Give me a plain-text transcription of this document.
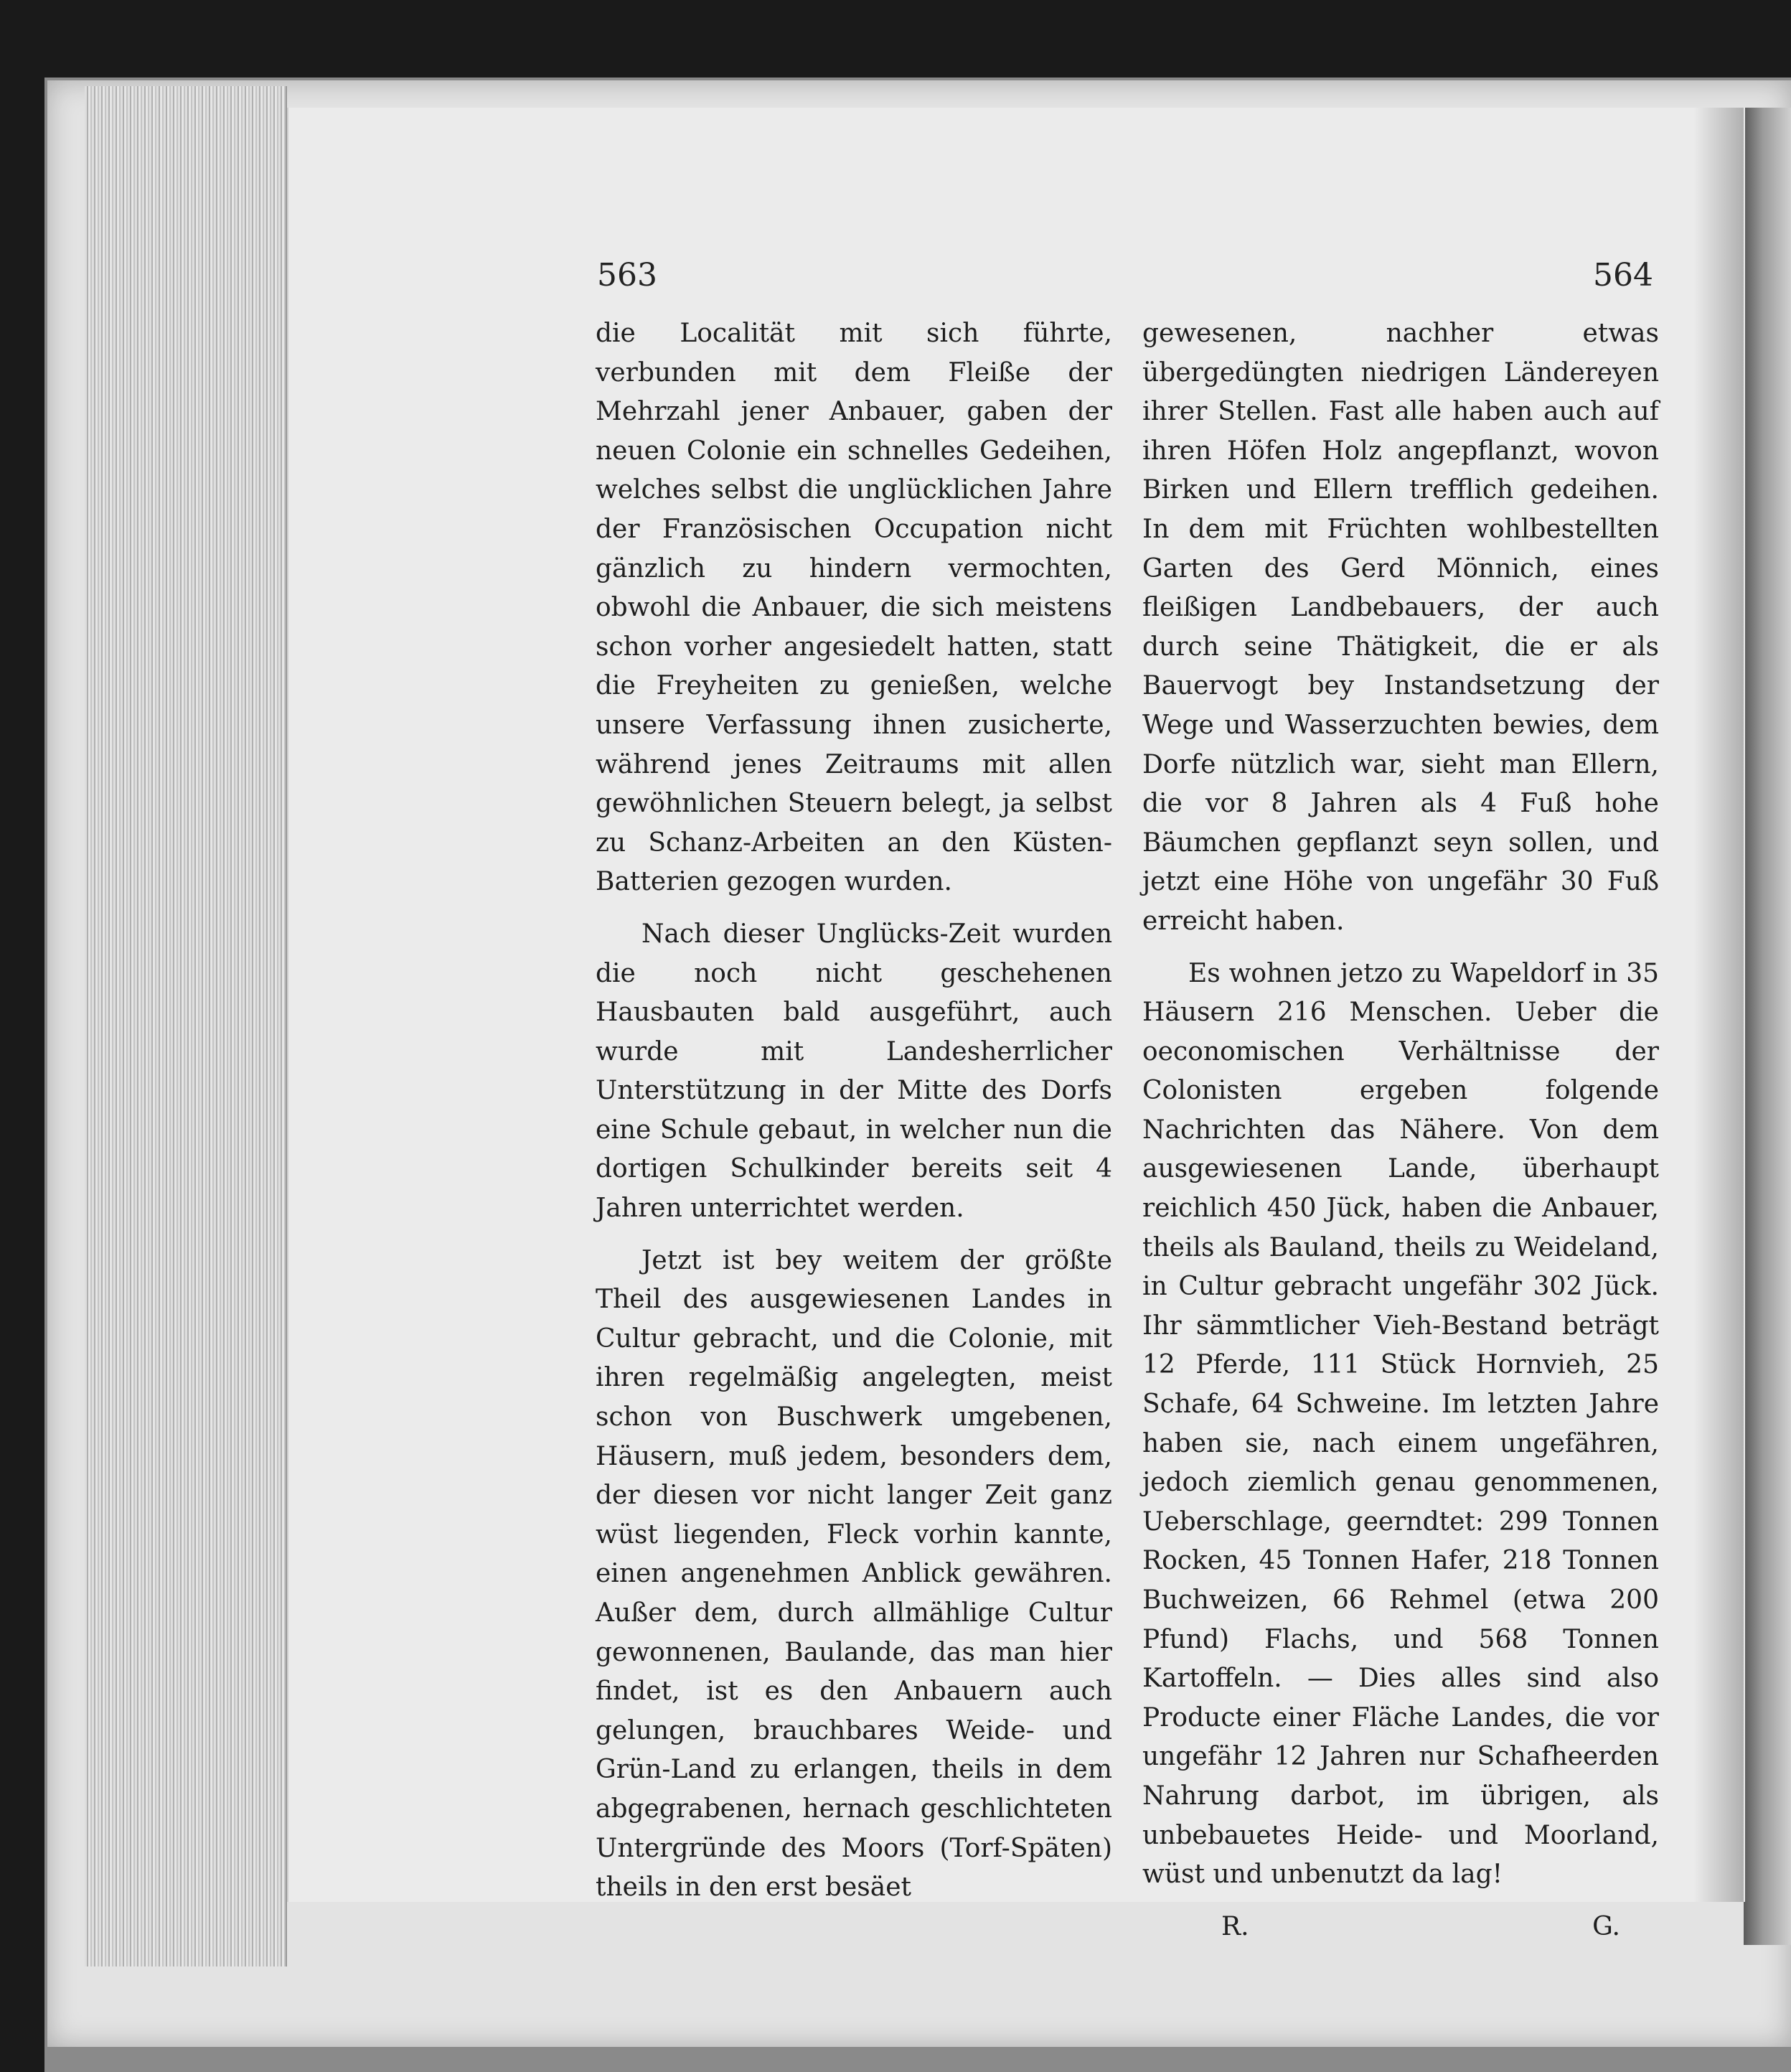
563	564

die Localität mit sich führte, verbunden mit dem Fleiße der Mehrzahl jener Anbauer, gaben der neuen Colonie ein schnelles Gedeihen, welches selbst die unglücklichen Jahre der Französischen Occupation nicht gänzlich zu hindern vermochten, obwohl die Anbauer, die sich meistens schon vorher angesiedelt hatten, statt die Freyheiten zu genießen, welche unsere Verfassung ihnen zusicherte, während jenes Zeitraums mit allen gewöhnlichen Steuern belegt, ja selbst zu Schanz-Arbeiten an den Küsten-Batterien gezogen wurden.

Nach dieser Unglücks-Zeit wurden die noch nicht geschehenen Hausbauten bald ausgeführt, auch wurde mit Landesherrlicher Unterstützung in der Mitte des Dorfs eine Schule gebaut, in welcher nun die dortigen Schulkinder bereits seit 4 Jahren unterrichtet werden.

Jetzt ist bey weitem der größte Theil des ausgewiesenen Landes in Cultur gebracht, und die Colonie, mit ihren regelmäßig angelegten, meist schon von Buschwerk umgebenen, Häusern, muß jedem, besonders dem, der diesen vor nicht langer Zeit ganz wüst liegenden, Fleck vorhin kannte, einen angenehmen Anblick gewähren. Außer dem, durch allmählige Cultur gewonnenen, Baulande, das man hier findet, ist es den Anbauern auch gelungen, brauchbares Weide- und Grün-Land zu erlangen, theils in dem abgegrabenen, hernach geschlichteten Untergründe des Moors (Torf-Späten) theils in den erst besäet

gewesenen, nachher etwas übergedüngten niedrigen Ländereyen ihrer Stellen. Fast alle haben auch auf ihren Höfen Holz angepflanzt, wovon Birken und Ellern trefflich gedeihen. In dem mit Früchten wohlbestellten Garten des Gerd Mönnich, eines fleißigen Landbebauers, der auch durch seine Thätigkeit, die er als Bauervogt bey Instandsetzung der Wege und Wasserzuchten bewies, dem Dorfe nützlich war, sieht man Ellern, die vor 8 Jahren als 4 Fuß hohe Bäumchen gepflanzt seyn sollen, und jetzt eine Höhe von ungefähr 30 Fuß erreicht haben.

Es wohnen jetzo zu Wapeldorf in 35 Häusern 216 Menschen. Ueber die oeconomischen Verhältnisse der Colonisten ergeben folgende Nachrichten das Nähere. Von dem ausgewiesenen Lande, überhaupt reichlich 450 Jück, haben die Anbauer, theils als Bauland, theils zu Weideland, in Cultur gebracht ungefähr 302 Jück. Ihr sämmtlicher Vieh-Bestand beträgt 12 Pferde, 111 Stück Hornvieh, 25 Schafe, 64 Schweine. Im letzten Jahre haben sie, nach einem ungefähren, jedoch ziemlich genau genommenen, Ueberschlage, geerndtet: 299 Tonnen Rocken, 45 Tonnen Hafer, 218 Tonnen Buchweizen, 66 Rehmel (etwa 200 Pfund) Flachs, und 568 Tonnen Kartoffeln. — Dies alles sind also Producte einer Fläche Landes, die vor ungefähr 12 Jahren nur Schafheerden Nahrung darbot, im übrigen, als unbebauetes Heide- und Moorland, wüst und unbenutzt da lag!

R.	G.
